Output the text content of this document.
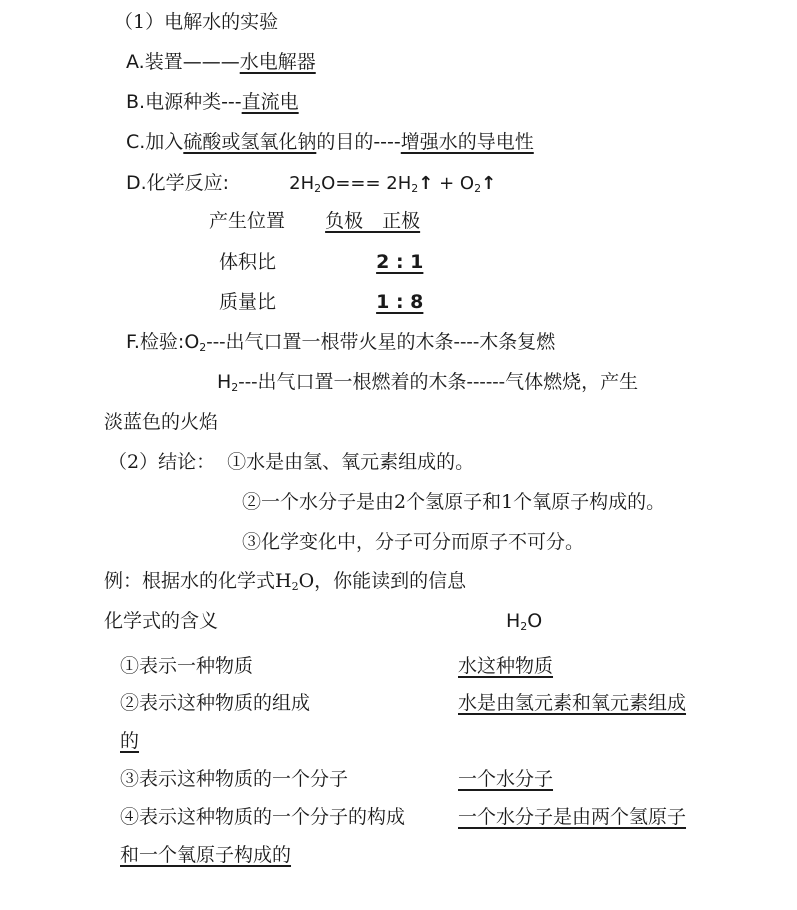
（1）电解水的实验
A.装置———水电解器
B.电源种类---直流电
C.加入硫酸或氢氧化钠的目的----增强水的导电性
D.化学反应:	$2H_2O===$ $2H_2↑$ + $O_2↑$
产生位置 负极　正极
体积比	2 : 1
质量比	1 : 8
F.检验$:O_2---$出气口置一根带火星的木条----木条复燃
$H_2---$出气口置一根燃着的木条------气体燃烧，产生
淡蓝色的火焰
（2）结论： ①水是由氢、氧元素组成的。
②一个水分子是由2个氢原子和1个氧原子构成的。
③化学变化中，分子可分而原子不可分。
例：根据水的化学式$H_2O$，你能读到的信息
化学式的含义	$H_2O$
①表示一种物质	水这种物质
②表示这种物质的组成	水是由氢元素和氧元素组成
的
③表示这种物质的一个分子	一个水分子
④表示这种物质的一个分子的构成	一个水分子是由两个氢原子
和一个氧原子构成的
